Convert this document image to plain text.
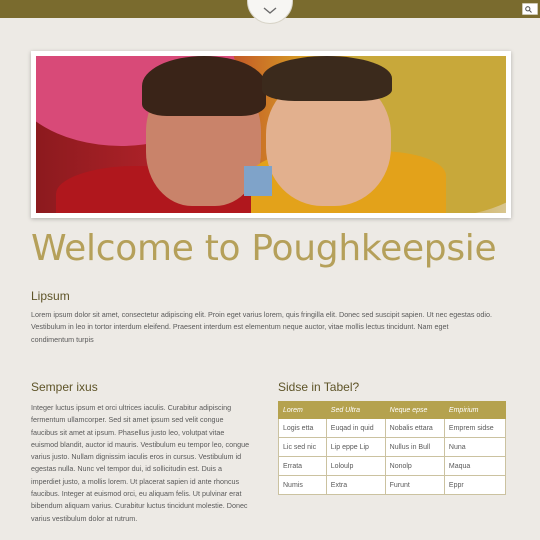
Welcome to Poughkeepsie
Lipsum
Lorem ipsum dolor sit amet, consectetur adipiscing elit. Proin eget varius lorem, quis fringilla elit. Donec sed suscipit sapien. Ut nec egestas odio.
Vestibulum in leo in tortor interdum eleifend. Praesent interdum est elementum neque auctor, vitae mollis lectus tincidunt. Nam eget
condimentum turpis
Semper ixus
Integer luctus ipsum et orci ultrices iaculis. Curabitur adipiscing
fermentum ullamcorper. Sed sit amet ipsum sed velit congue
faucibus sit amet at ipsum. Phasellus justo leo, volutpat vitae
euismod blandit, auctor id mauris. Vestibulum eu tempor leo, congue
varius justo. Nullam dignissim iaculis eros in cursus. Vestibulum id
egestas nulla. Nunc vel tempor dui, id sollicitudin est. Duis a
imperdiet justo, a mollis lorem. Ut placerat sapien id ante rhoncus
faucibus. Integer at euismod orci, eu aliquam felis. Ut pulvinar erat
bibendum aliquam varius. Curabitur luctus tincidunt molestie. Donec
varius vestibulum dolor at rutrum.
Sidse in Tabel?
Lorem	Sed Ultra	Neque epse	Empirium
Logis etta	Euqad in quid	Nobalis ettara	Emprem sidse
Lic sed nic	Lip eppe Lip	Nullus in Bull	Nuna
Errata	Loloulp	Nonolp	Maqua
Numis	Extra	Furunt	Eppr
